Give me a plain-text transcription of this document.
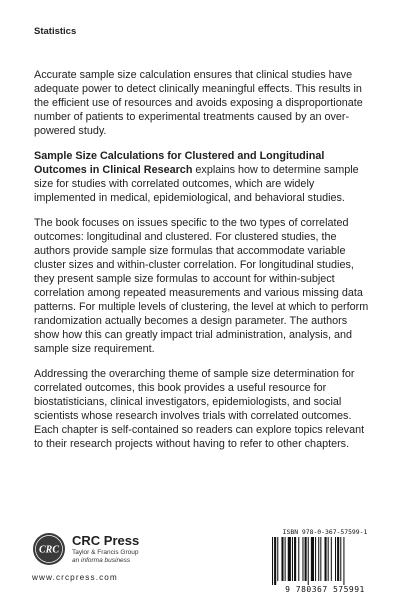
Statistics

Accurate sample size calculation ensures that clinical studies have adequate power to detect clinically meaningful effects. This results in the efficient use of resources and avoids exposing a disproportionate number of patients to experimental treatments caused by an over-powered study.

Sample Size Calculations for Clustered and Longitudinal Outcomes in Clinical Research explains how to determine sample size for studies with correlated outcomes, which are widely implemented in medical, epidemiological, and behavioral studies.

The book focuses on issues specific to the two types of correlated outcomes: longitudinal and clustered. For clustered studies, the authors provide sample size formulas that accommodate variable cluster sizes and within-cluster correlation. For longitudinal studies, they present sample size formulas to account for within-subject correlation among repeated measurements and various missing data patterns. For multiple levels of clustering, the level at which to perform randomization actually becomes a design parameter. The authors show how this can greatly impact trial administration, analysis, and sample size requirement.

Addressing the overarching theme of sample size determination for correlated outcomes, this book provides a useful resource for biostatisticians, clinical investigators, epidemiologists, and social scientists whose research involves trials with correlated outcomes. Each chapter is self-contained so readers can explore topics relevant to their research projects without having to refer to other chapters.

CRC
CRC Press
Taylor & Francis Group
an informa business
www.crcpress.com
ISBN 978-0-367-57599-1
9 780367 575991
